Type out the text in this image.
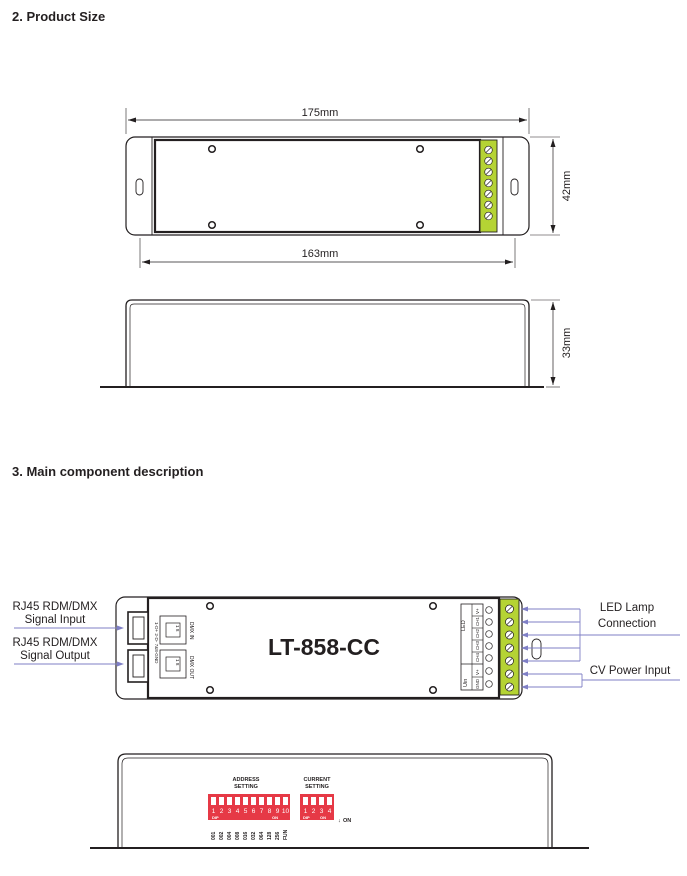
2. Product Size
3. Main component description
175mm
163mm
42mm
33mm
DMX IN
DMX OUT
1-D+ 2-D- 7&8-GND	1 8
1 8
LT-858-CC
LED
Uin
V+
CH1
CH2
CH3
CH4
V+
GND
RJ45 RDM/DMX
Signal Input
RJ45 RDM/DMX
Signal Output
LED Lamp
Connection
CV Power Input
1 2 3 4 5 6 7 8 9 10
DIP	ON
ADDRESS
SETTING
001 002 004 008 016 032 064 128 256 FUN
1 2 3 4
DIP	ON
CURRENT
SETTING
↓ ON
